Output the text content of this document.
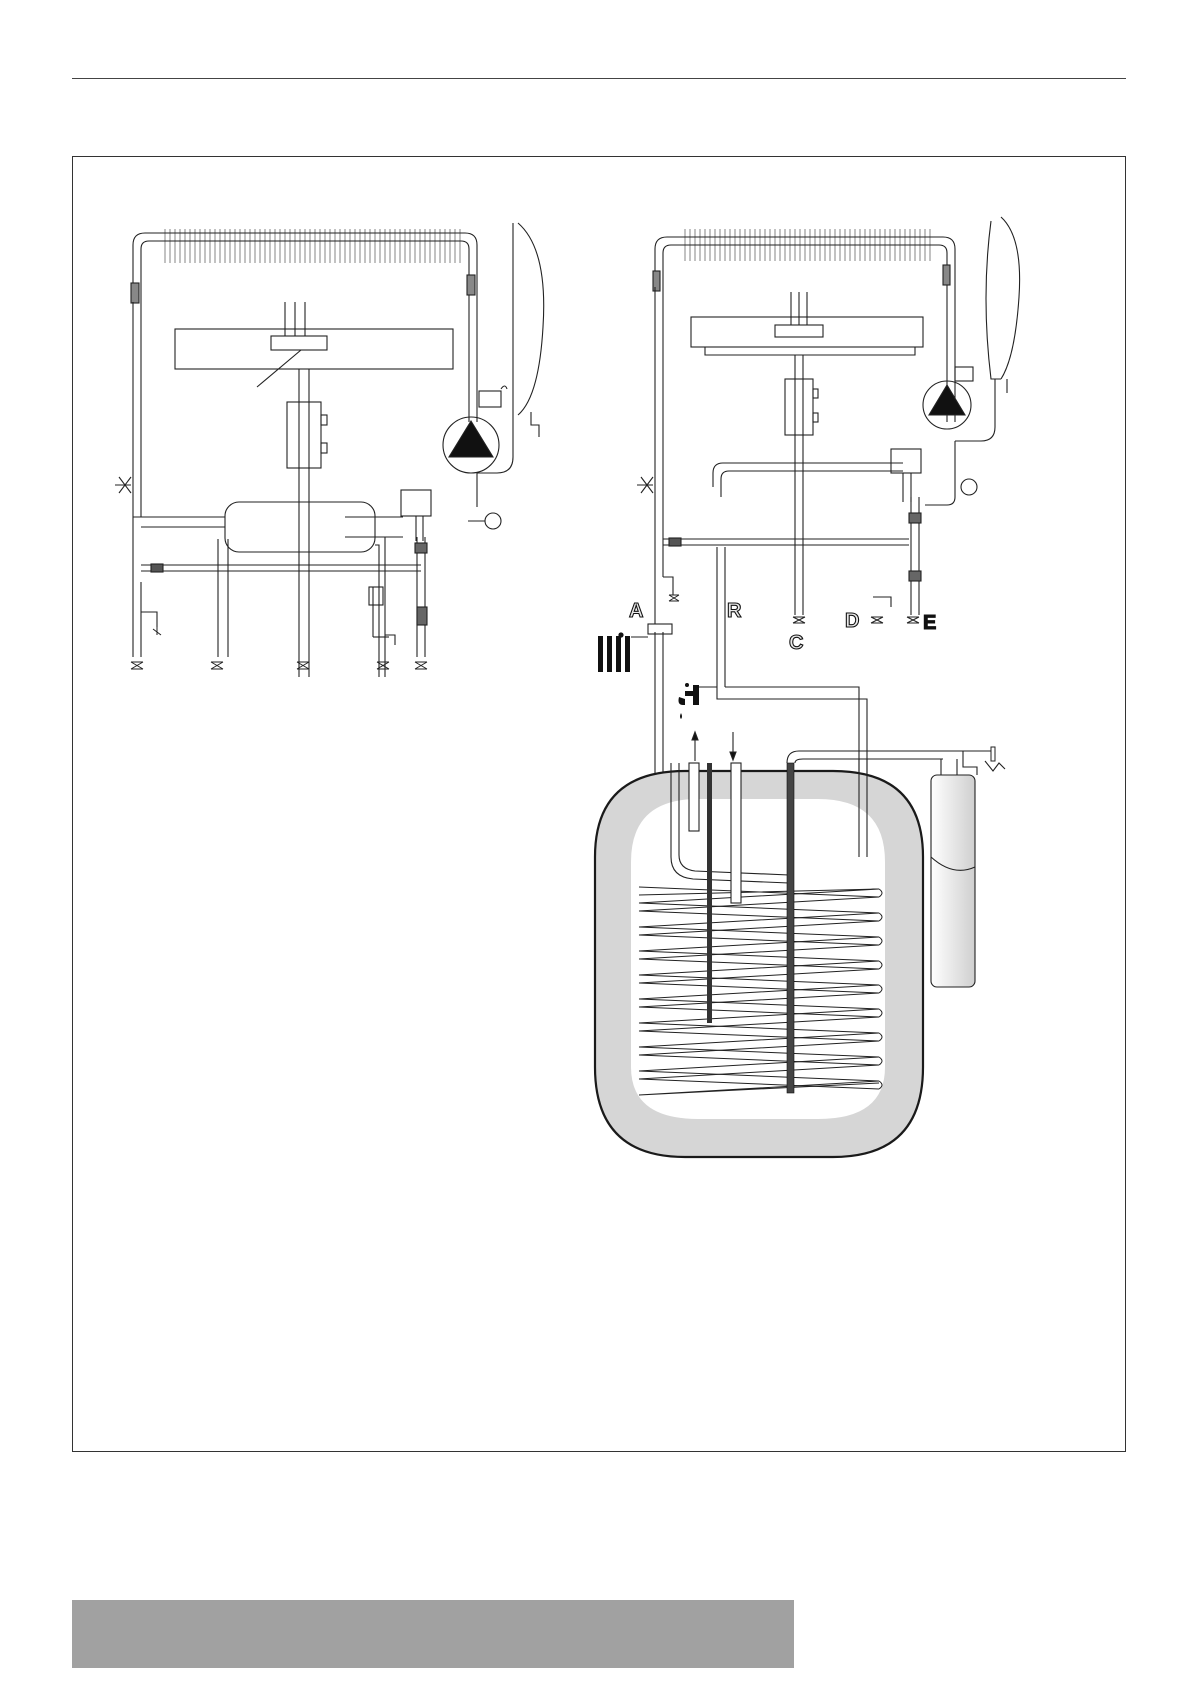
A	R
C
D	E
